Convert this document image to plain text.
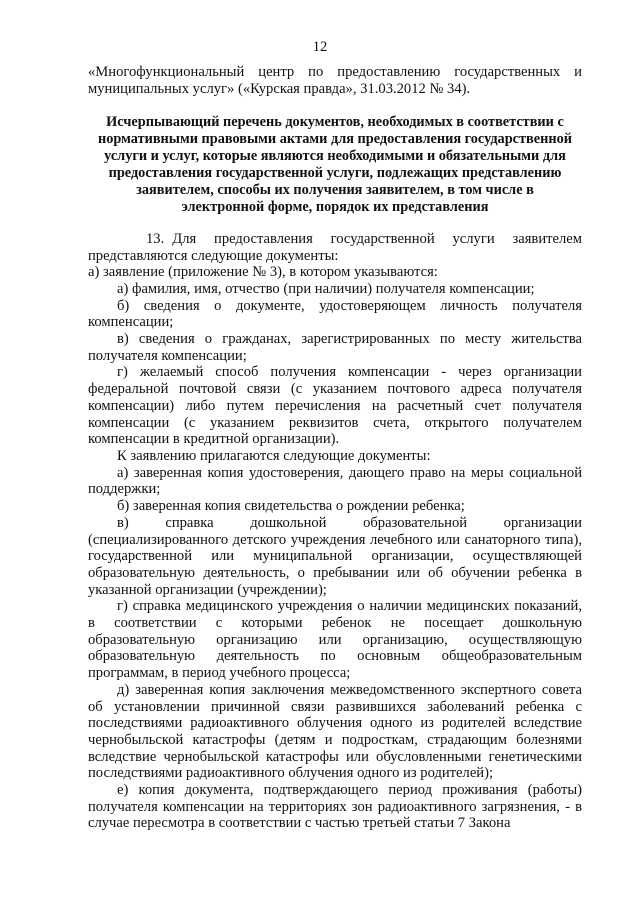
12

«Многофункциональный центр по предоставлению государственных и муниципальных услуг» («Курская правда», 31.03.2012 № 34).

Исчерпывающий перечень документов, необходимых в соответствии с нормативными правовыми актами для предоставления государственной услуги и услуг, которые являются необходимыми и обязательными для предоставления государственной услуги, подлежащих представлению заявителем, способы их получения заявителем, в том числе в электронной форме, порядок их представления

13. Для предоставления государственной услуги заявителем представляются следующие документы:

а) заявление (приложение № 3), в котором указываются:

а) фамилия, имя, отчество (при наличии) получателя компенсации;

б) сведения о документе, удостоверяющем личность получателя компенсации;

в) сведения о гражданах, зарегистрированных по месту жительства получателя компенсации;

г) желаемый способ получения компенсации - через организации федеральной почтовой связи (с указанием почтового адреса получателя компенсации) либо путем перечисления на расчетный счет получателя компенсации (с указанием реквизитов счета, открытого получателем компенсации в кредитной организации).

К заявлению прилагаются следующие документы:

а) заверенная копия удостоверения, дающего право на меры социальной поддержки;

б) заверенная копия свидетельства о рождении ребенка;

в) справка дошкольной образовательной организации (специализированного детского учреждения лечебного или санаторного типа), государственной или муниципальной организации, осуществляющей образовательную деятельность, о пребывании или об обучении ребенка в указанной организации (учреждении);

г) справка медицинского учреждения о наличии медицинских показаний, в соответствии с которыми ребенок не посещает дошкольную образовательную организацию или организацию, осуществляющую образовательную деятельность по основным общеобразовательным программам, в период учебного процесса;

д) заверенная копия заключения межведомственного экспертного совета об установлении причинной связи развившихся заболеваний ребенка с последствиями радиоактивного облучения одного из родителей вследствие чернобыльской катастрофы (детям и подросткам, страдающим болезнями вследствие чернобыльской катастрофы или обусловленными генетическими последствиями радиоактивного облучения одного из родителей);

е) копия документа, подтверждающего период проживания (работы) получателя компенсации на территориях зон радиоактивного загрязнения, - в случае пересмотра в соответствии с частью третьей статьи 7 Закона
